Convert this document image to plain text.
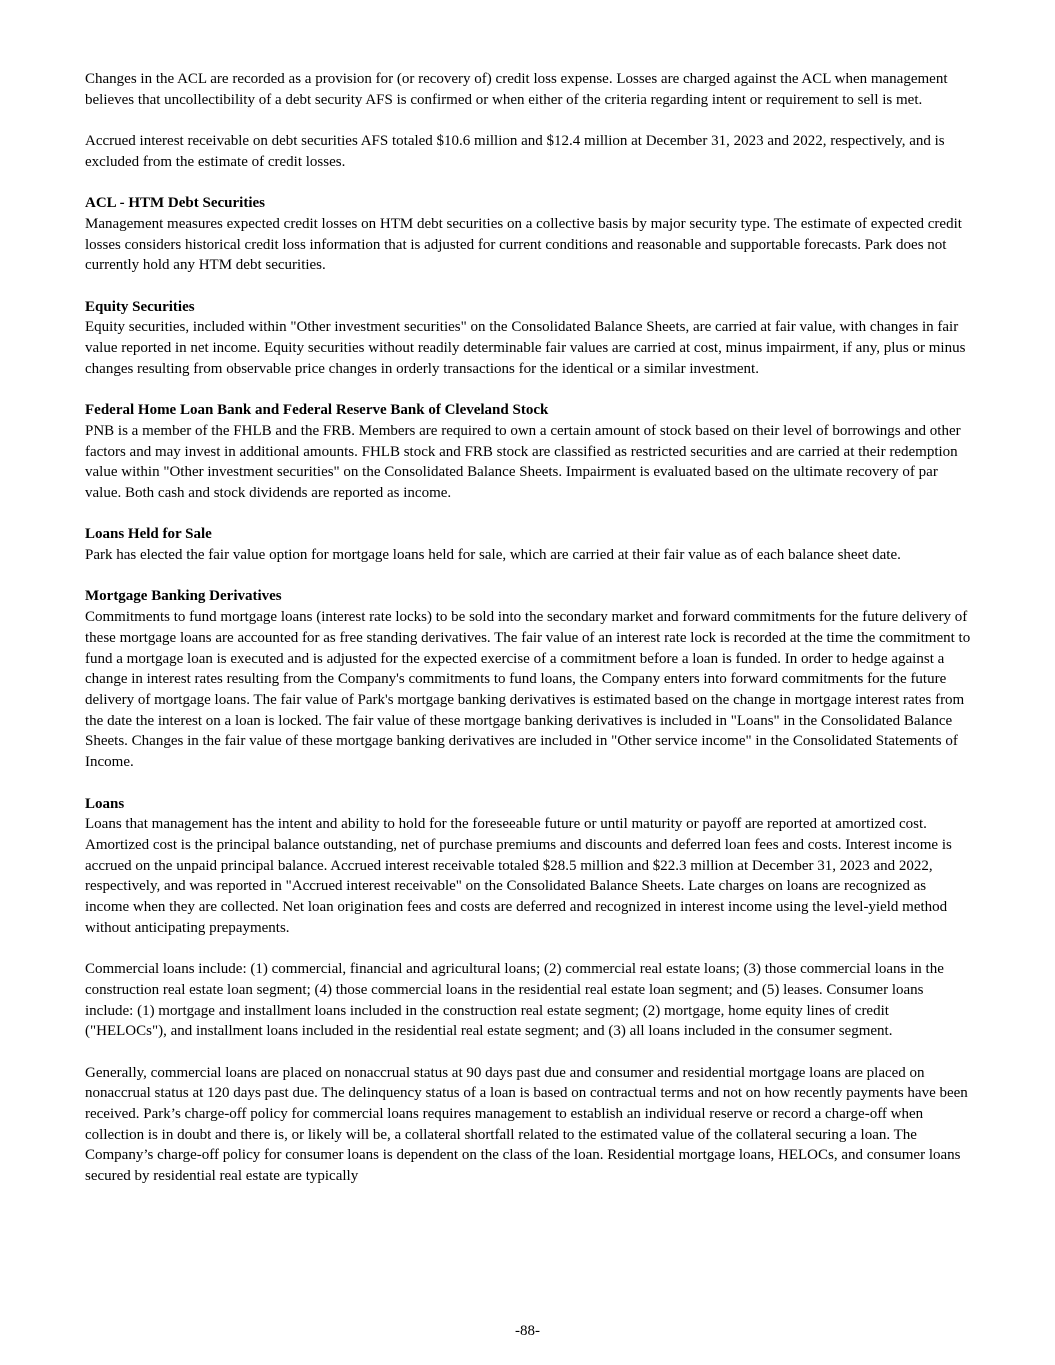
Changes in the ACL are recorded as a provision for (or recovery of) credit loss expense. Losses are charged against the ACL when management believes that uncollectibility of a debt security AFS is confirmed or when either of the criteria regarding intent or requirement to sell is met.

Accrued interest receivable on debt securities AFS totaled $10.6 million and $12.4 million at December 31, 2023 and 2022, respectively, and is excluded from the estimate of credit losses.

ACL - HTM Debt Securities

Management measures expected credit losses on HTM debt securities on a collective basis by major security type. The estimate of expected credit losses considers historical credit loss information that is adjusted for current conditions and reasonable and supportable forecasts. Park does not currently hold any HTM debt securities.

Equity Securities

Equity securities, included within "Other investment securities" on the Consolidated Balance Sheets, are carried at fair value, with changes in fair value reported in net income. Equity securities without readily determinable fair values are carried at cost, minus impairment, if any, plus or minus changes resulting from observable price changes in orderly transactions for the identical or a similar investment.

Federal Home Loan Bank and Federal Reserve Bank of Cleveland Stock

PNB is a member of the FHLB and the FRB. Members are required to own a certain amount of stock based on their level of borrowings and other factors and may invest in additional amounts. FHLB stock and FRB stock are classified as restricted securities and are carried at their redemption value within "Other investment securities" on the Consolidated Balance Sheets. Impairment is evaluated based on the ultimate recovery of par value. Both cash and stock dividends are reported as income.

Loans Held for Sale

Park has elected the fair value option for mortgage loans held for sale, which are carried at their fair value as of each balance sheet date.

Mortgage Banking Derivatives

Commitments to fund mortgage loans (interest rate locks) to be sold into the secondary market and forward commitments for the future delivery of these mortgage loans are accounted for as free standing derivatives. The fair value of an interest rate lock is recorded at the time the commitment to fund a mortgage loan is executed and is adjusted for the expected exercise of a commitment before a loan is funded. In order to hedge against a change in interest rates resulting from the Company's commitments to fund loans, the Company enters into forward commitments for the future delivery of mortgage loans. The fair value of Park's mortgage banking derivatives is estimated based on the change in mortgage interest rates from the date the interest on a loan is locked. The fair value of these mortgage banking derivatives is included in "Loans" in the Consolidated Balance Sheets. Changes in the fair value of these mortgage banking derivatives are included in "Other service income" in the Consolidated Statements of Income.

Loans

Loans that management has the intent and ability to hold for the foreseeable future or until maturity or payoff are reported at amortized cost. Amortized cost is the principal balance outstanding, net of purchase premiums and discounts and deferred loan fees and costs. Interest income is accrued on the unpaid principal balance. Accrued interest receivable totaled $28.5 million and $22.3 million at December 31, 2023 and 2022, respectively, and was reported in "Accrued interest receivable" on the Consolidated Balance Sheets. Late charges on loans are recognized as income when they are collected. Net loan origination fees and costs are deferred and recognized in interest income using the level-yield method without anticipating prepayments.

Commercial loans include: (1) commercial, financial and agricultural loans; (2) commercial real estate loans; (3) those commercial loans in the construction real estate loan segment; (4) those commercial loans in the residential real estate loan segment; and (5) leases. Consumer loans include: (1) mortgage and installment loans included in the construction real estate segment; (2) mortgage, home equity lines of credit ("HELOCs"), and installment loans included in the residential real estate segment; and (3) all loans included in the consumer segment.

Generally, commercial loans are placed on nonaccrual status at 90 days past due and consumer and residential mortgage loans are placed on nonaccrual status at 120 days past due. The delinquency status of a loan is based on contractual terms and not on how recently payments have been received. Park’s charge-off policy for commercial loans requires management to establish an individual reserve or record a charge-off when collection is in doubt and there is, or likely will be, a collateral shortfall related to the estimated value of the collateral securing a loan. The Company’s charge-off policy for consumer loans is dependent on the class of the loan. Residential mortgage loans, HELOCs, and consumer loans secured by residential real estate are typically

-88-
